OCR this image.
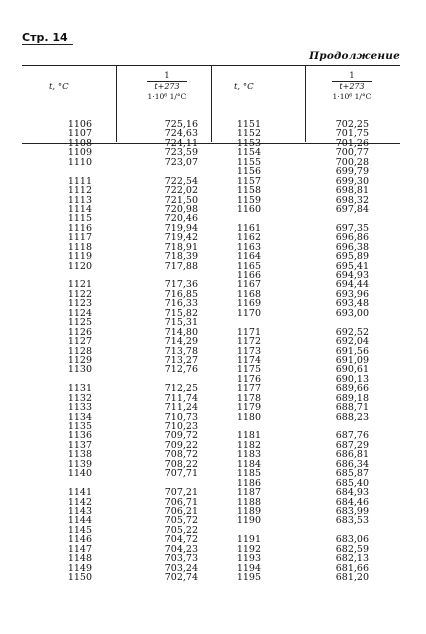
Стр. 14
Продолжение
t, °C
1
t+273
1·10⁶ 1/°C
t, °C
1
t+273
1·10⁶ 1/°C
1106
1107
1108
1109
1110
1111
1112
1113
1114
1115
1116
1117
1118
1119
1120
1121
1122
1123
1124
1125
1126
1127
1128
1129
1130
1131
1132
1133
1134
1135
1136
1137
1138
1139
1140
1141
1142
1143
1144
1145
1146
1147
1148
1149
1150
725,16
724,63
724,11
723,59
723,07
722,54
722,02
721,50
720,98
720,46
719,94
719,42
718,91
718,39
717,88
717,36
716,85
716,33
715,82
715,31
714,80
714,29
713,78
713,27
712,76
712,25
711,74
711,24
710,73
710,23
709,72
709,22
708,72
708,22
707,71
707,21
706,71
706,21
705,72
705,22
704,72
704,23
703,73
703,24
702,74
1151
1152
1153
1154
1155
1156
1157
1158
1159
1160
1161
1162
1163
1164
1165
1166
1167
1168
1169
1170
1171
1172
1173
1174
1175
1176
1177
1178
1179
1180
1181
1182
1183
1184
1185
1186
1187
1188
1189
1190
1191
1192
1193
1194
1195
702,25
701,75
701,26
700,77
700,28
699,79
699,30
698,81
698,32
697,84
697,35
696,86
696,38
695,89
695,41
694,93
694,44
693,96
693,48
693,00
692,52
692,04
691,56
691,09
690,61
690,13
689,66
689,18
688,71
688,23
687,76
687,29
686,81
686,34
685,87
685,40
684,93
684,46
683,99
683,53
683,06
682,59
682,13
681,66
681,20
